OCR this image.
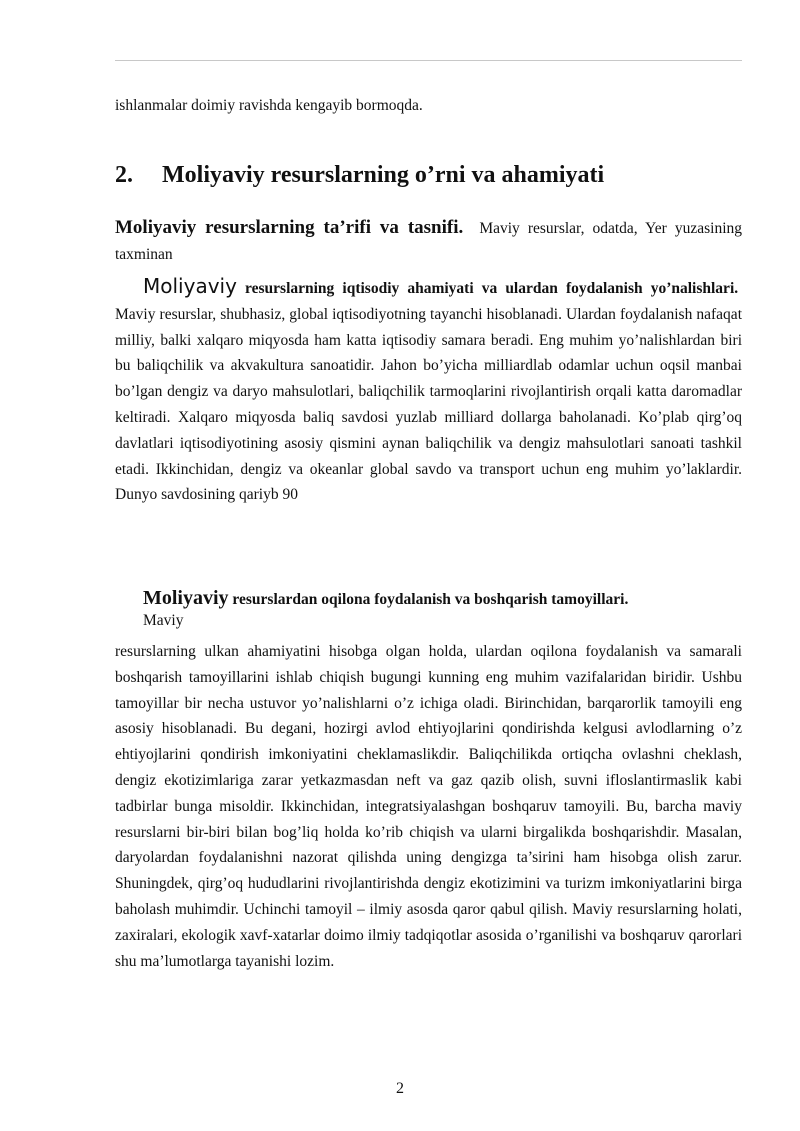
ishlanmalar doimiy ravishda kengayib bormoqda.
2. Moliyaviy resurslarning o’rni va ahamiyati
Moliyaviy resurslarning ta’rifi va tasnifi. Maviy resurslar, odatda, Yer yuzasining taxminan
Moliyaviy resurslarning iqtisodiy ahamiyati va ulardan foydalanish yo’nalishlari.  Maviy resurslar, shubhasiz, global iqtisodiyotning tayanchi hisoblanadi. Ulardan foydalanish nafaqat milliy, balki xalqaro miqyosda ham katta iqtisodiy samara beradi. Eng muhim yo’nalishlardan biri bu baliqchilik va akvakultura sanoatidir. Jahon bo’yicha milliardlab odamlar uchun oqsil manbai bo’lgan dengiz va daryo mahsulotlari, baliqchilik tarmoqlarini rivojlantirish orqali katta daromadlar keltiradi. Xalqaro miqyosda baliq savdosi yuzlab milliard dollarga baholanadi. Ko’plab qirg’oq davlatlari iqtisodiyotining asosiy qismini aynan baliqchilik va dengiz mahsulotlari sanoati tashkil etadi. Ikkinchidan, dengiz va okeanlar global savdo va transport uchun eng muhim yo’laklardir. Dunyo savdosining qariyb 90
Moliyaviy resurslardan oqilona foydalanish va boshqarish tamoyillari.
Maviy
resurslarning ulkan ahamiyatini hisobga olgan holda, ulardan oqilona foydalanish va samarali boshqarish tamoyillarini ishlab chiqish bugungi kunning eng muhim vazifalaridan biridir. Ushbu tamoyillar bir necha ustuvor yo’nalishlarni o’z ichiga oladi. Birinchidan, barqarorlik tamoyili eng asosiy hisoblanadi. Bu degani, hozirgi avlod ehtiyojlarini qondirishda kelgusi avlodlarning o’z ehtiyojlarini qondirish imkoniyatini cheklamaslikdir. Baliqchilikda ortiqcha ovlashni cheklash, dengiz ekotizimlariga zarar yetkazmasdan neft va gaz qazib olish, suvni ifloslantirmaslik kabi tadbirlar bunga misoldir. Ikkinchidan, integratsiyalashgan boshqaruv tamoyili. Bu, barcha maviy resurslarni bir-biri bilan bog’liq holda ko’rib chiqish va ularni birgalikda boshqarishdir. Masalan, daryolardan foydalanishni nazorat qilishda uning dengizga ta’sirini ham hisobga olish zarur. Shuningdek, qirg’oq hududlarini rivojlantirishda dengiz ekotizimini va turizm imkoniyatlarini birga baholash muhimdir. Uchinchi tamoyil – ilmiy asosda qaror qabul qilish. Maviy resurslarning holati, zaxiralari, ekologik xavf-xatarlar doimo ilmiy tadqiqotlar asosida o’rganilishi va boshqaruv qarorlari shu ma’lumotlarga tayanishi lozim.
2
